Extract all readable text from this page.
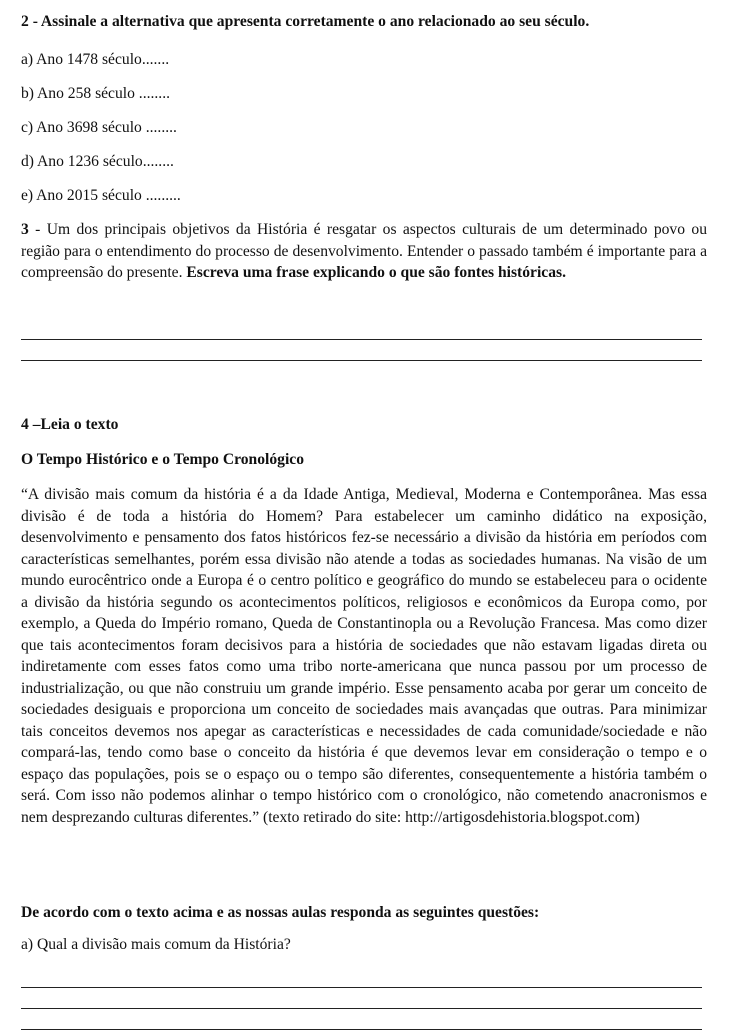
2 - Assinale a alternativa que apresenta corretamente o ano relacionado ao seu século.
a) Ano 1478 século.......
b) Ano 258 século ........
c) Ano 3698 século ........
d) Ano 1236 século........
e) Ano 2015 século .........
3 - Um dos principais objetivos da História é resgatar os aspectos culturais de um determinado povo ou região para o entendimento do processo de desenvolvimento. Entender o passado também é importante para a compreensão do presente. Escreva uma frase explicando o que são fontes históricas.
4 –Leia o texto
O Tempo Histórico e o Tempo Cronológico
“A divisão mais comum da história é a da Idade Antiga, Medieval, Moderna e Contemporânea. Mas essa divisão é de toda a história do Homem? Para estabelecer um caminho didático na exposição, desenvolvimento e pensamento dos fatos históricos fez-se necessário a divisão da história em períodos com características semelhantes, porém essa divisão não atende a todas as sociedades humanas. Na visão de um mundo eurocêntrico onde a Europa é o centro político e geográfico do mundo se estabeleceu para o ocidente a divisão da história segundo os acontecimentos políticos, religiosos e econômicos da Europa como, por exemplo, a Queda do Império romano, Queda de Constantinopla ou a Revolução Francesa. Mas como dizer que tais acontecimentos foram decisivos para a história de sociedades que não estavam ligadas direta ou indiretamente com esses fatos como uma tribo norte-americana que nunca passou por um processo de industrialização, ou que não construiu um grande império. Esse pensamento acaba por gerar um conceito de sociedades desiguais e proporciona um conceito de sociedades mais avançadas que outras. Para minimizar tais conceitos devemos nos apegar as características e necessidades de cada comunidade/sociedade e não compará-las, tendo como base o conceito da história é que devemos levar em consideração o tempo e o espaço das populações, pois se o espaço ou o tempo são diferentes, consequentemente a história também o será. Com isso não podemos alinhar o tempo histórico com o cronológico, não cometendo anacronismos e nem desprezando culturas diferentes.” (texto retirado do site: http://artigosdehistoria.blogspot.com)
De acordo com o texto acima e as nossas aulas responda as seguintes questões:
a) Qual a divisão mais comum da História?
